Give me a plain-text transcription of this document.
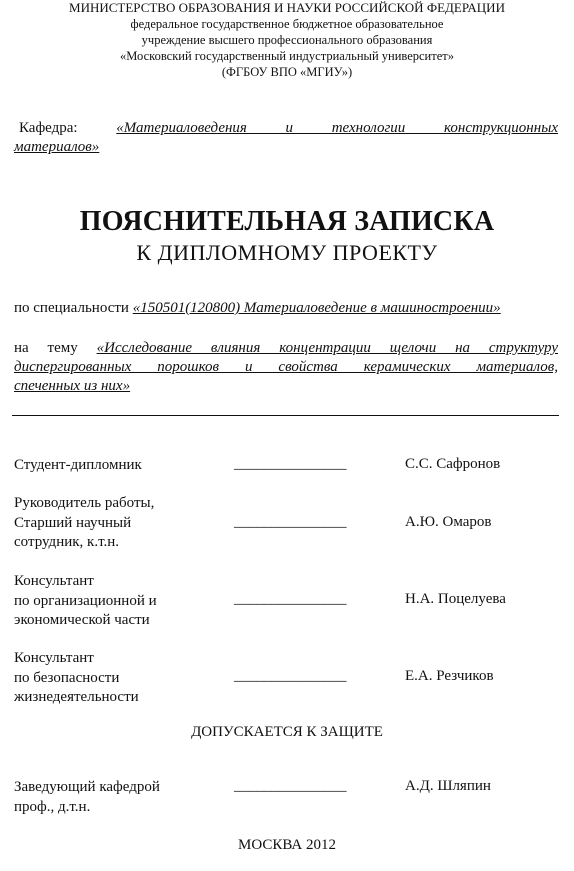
МИНИСТЕРСТВО ОБРАЗОВАНИЯ И НАУКИ РОССИЙСКОЙ ФЕДЕРАЦИИ
федеральное государственное бюджетное образовательное
учреждение высшего профессионального образования
«Московский государственный индустриальный университет»
(ФГБОУ ВПО «МГИУ»)
Кафедра:	«Материаловедения и технологии конструкционных
материалов»
ПОЯСНИТЕЛЬНАЯ ЗАПИСКА
К ДИПЛОМНОМУ ПРОЕКТУ
по специальности «150501(120800) Материаловедение в машиностроении»
на тему «Исследование влияния концентрации щелочи на структуру
диспергированных порошков и свойства керамических материалов,
спеченных из них»
Студент-дипломник	_______________	С.С. Сафронов
Руководитель работы,
Старший научный
сотрудник, к.т.н.
_______________	А.Ю. Омаров
Консультант
по организационной и
экономической части
_______________	Н.А. Поцелуева
Консультант
по безопасности
жизнедеятельности
_______________	Е.А. Резчиков
ДОПУСКАЕТСЯ К ЗАЩИТЕ
Заведующий кафедрой
проф., д.т.н.
_______________	А.Д. Шляпин
МОСКВА 2012
